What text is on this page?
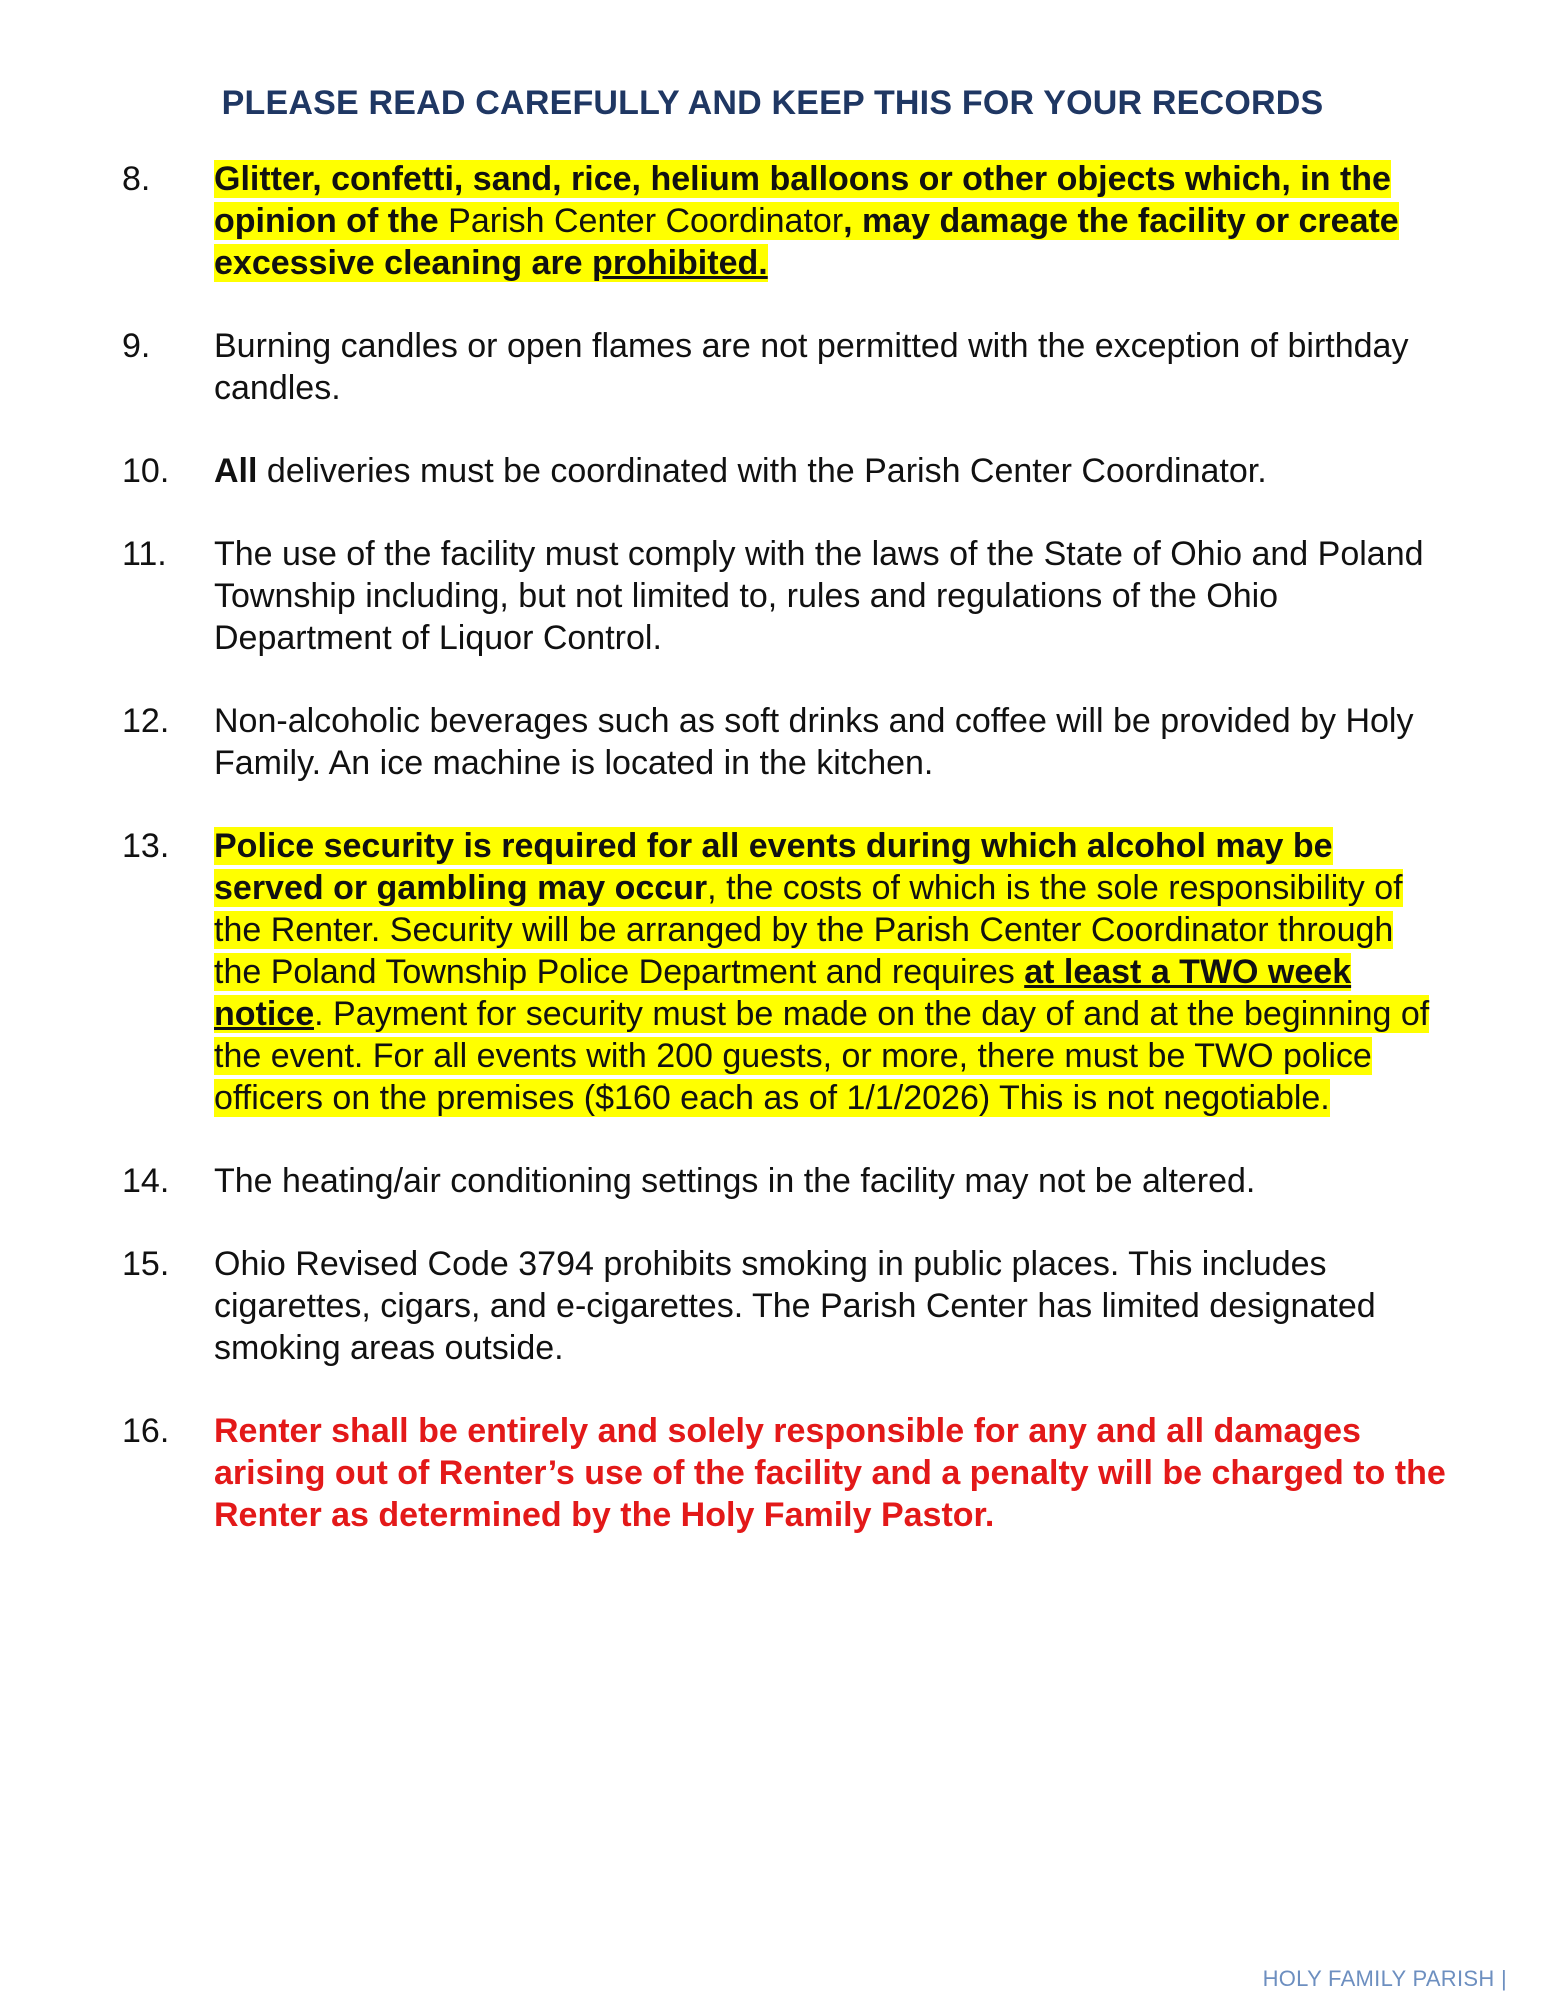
PLEASE READ CAREFULLY AND KEEP THIS FOR YOUR RECORDS
8. Glitter, confetti, sand, rice, helium balloons or other objects which, in the opinion of the Parish Center Coordinator, may damage the facility or create excessive cleaning are prohibited.
9. Burning candles or open flames are not permitted with the exception of birthday candles.
10. All deliveries must be coordinated with the Parish Center Coordinator.
11. The use of the facility must comply with the laws of the State of Ohio and Poland Township including, but not limited to, rules and regulations of the Ohio Department of Liquor Control.
12. Non-alcoholic beverages such as soft drinks and coffee will be provided by Holy Family. An ice machine is located in the kitchen.
13. Police security is required for all events during which alcohol may be served or gambling may occur, the costs of which is the sole responsibility of the Renter. Security will be arranged by the Parish Center Coordinator through the Poland Township Police Department and requires at least a TWO week notice. Payment for security must be made on the day of and at the beginning of the event. For all events with 200 guests, or more, there must be TWO police officers on the premises ($160 each as of 1/1/2026) This is not negotiable.
14. The heating/air conditioning settings in the facility may not be altered.
15. Ohio Revised Code 3794 prohibits smoking in public places. This includes cigarettes, cigars, and e-cigarettes. The Parish Center has limited designated smoking areas outside.
16. Renter shall be entirely and solely responsible for any and all damages arising out of Renter’s use of the facility and a penalty will be charged to the Renter as determined by the Holy Family Pastor.
HOLY FAMILY PARISH |
